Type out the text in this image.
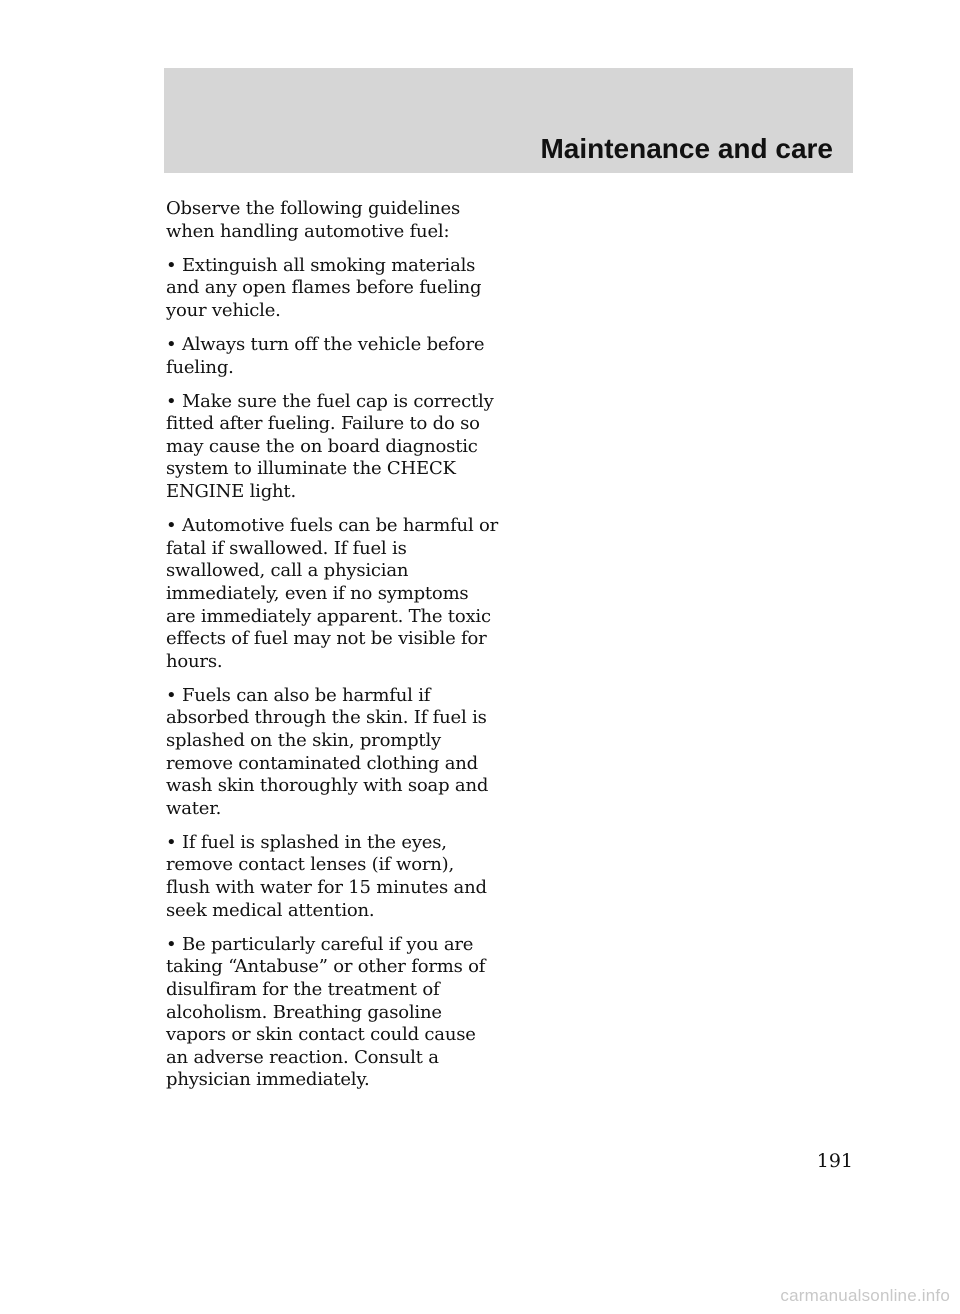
Maintenance and care

Observe the following guidelines when handling automotive fuel:

• Extinguish all smoking materials and any open flames before fueling your vehicle.

• Always turn off the vehicle before fueling.

• Make sure the fuel cap is correctly fitted after fueling. Failure to do so may cause the on board diagnostic system to illuminate the CHECK ENGINE light.

• Automotive fuels can be harmful or fatal if swallowed. If fuel is swallowed, call a physician immediately, even if no symptoms are immediately apparent. The toxic effects of fuel may not be visible for hours.

• Fuels can also be harmful if absorbed through the skin. If fuel is splashed on the skin, promptly remove contaminated clothing and wash skin thoroughly with soap and water.

• If fuel is splashed in the eyes, remove contact lenses (if worn), flush with water for 15 minutes and seek medical attention.

• Be particularly careful if you are taking “Antabuse” or other forms of disulfiram for the treatment of alcoholism. Breathing gasoline vapors or skin contact could cause an adverse reaction. Consult a physician immediately.

191
carmanualsonline.info
